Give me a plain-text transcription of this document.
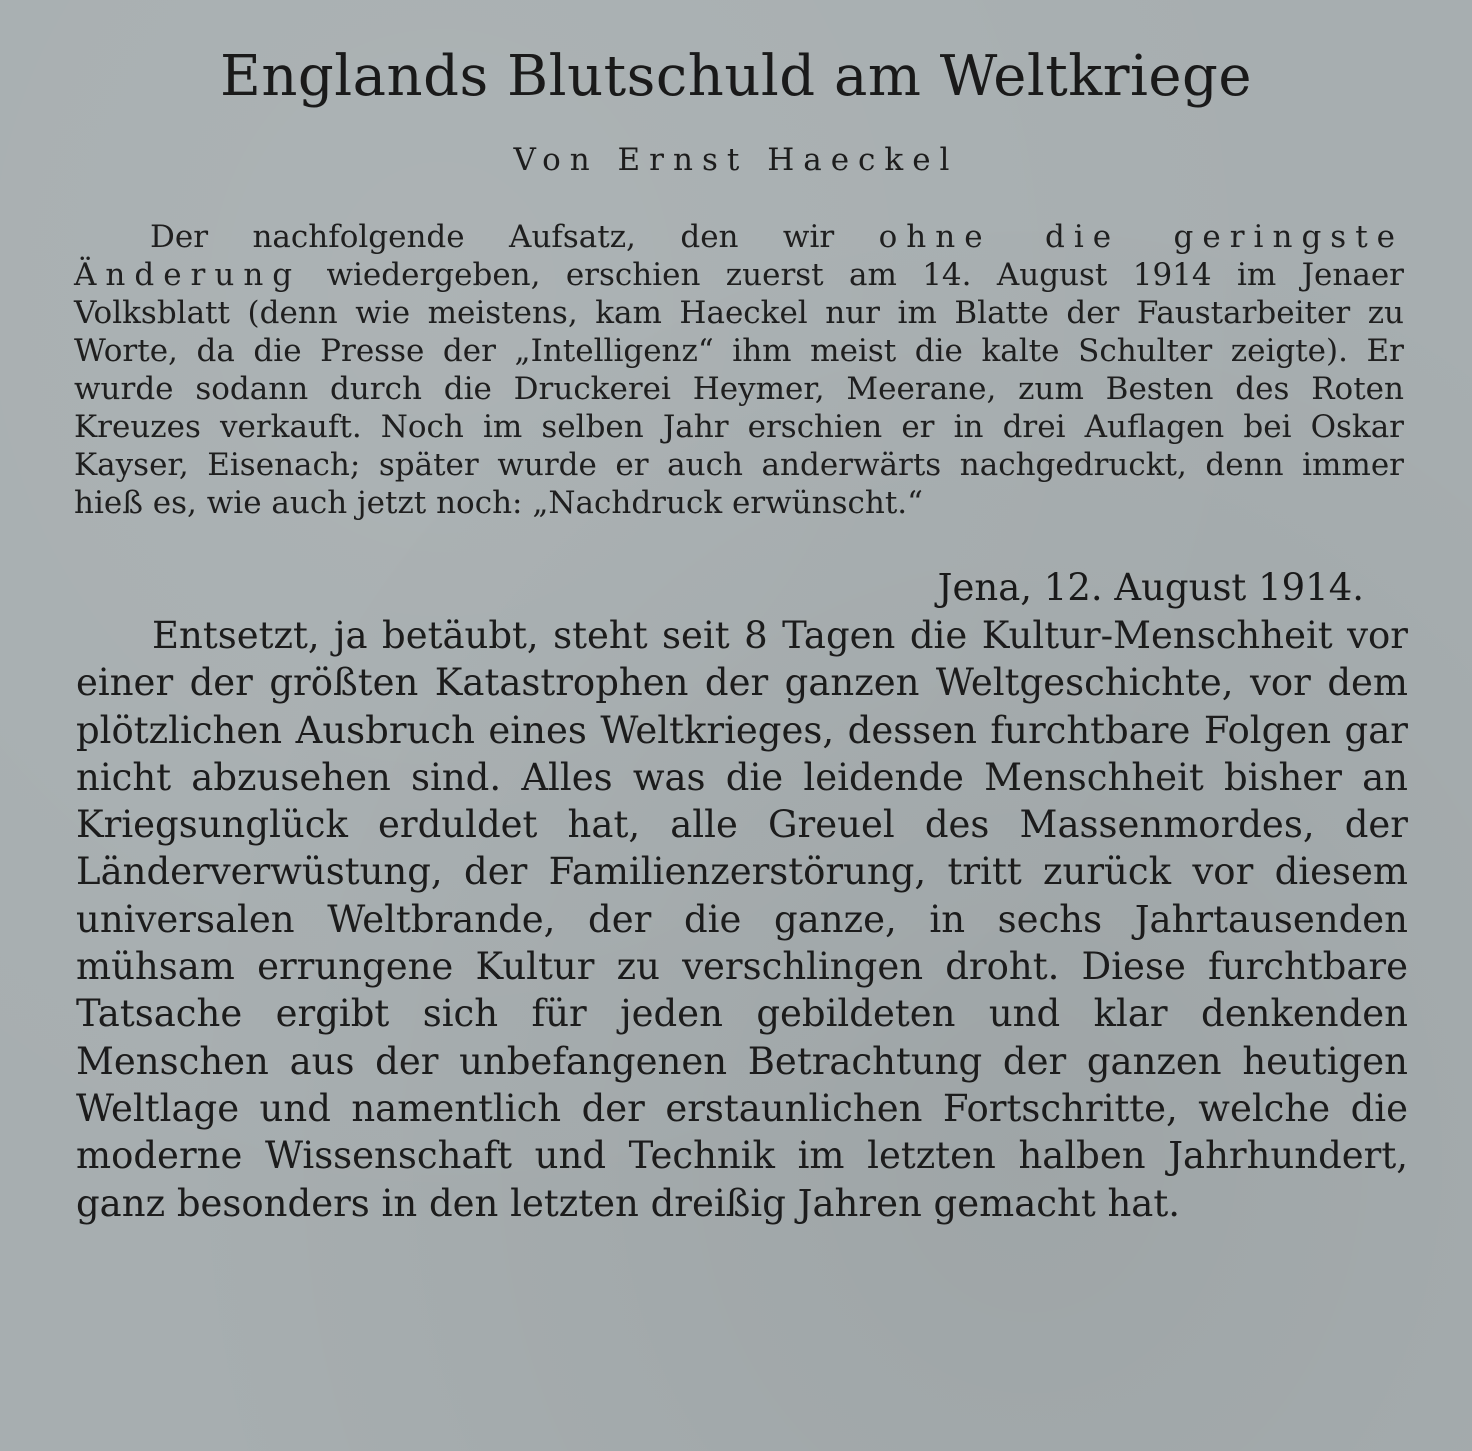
Englands Blutschuld am Weltkriege

Von Ernst Haeckel

Der nachfolgende Aufsatz, den wir ohne die geringste Änderung wiedergeben, erschien zuerst am 14. August 1914 im Jenaer Volksblatt (denn wie meistens, kam Haeckel nur im Blatte der Faustarbeiter zu Worte, da die Presse der „Intelligenz“ ihm meist die kalte Schulter zeigte). Er wurde sodann durch die Druckerei Heymer, Meerane, zum Besten des Roten Kreuzes verkauft. Noch im selben Jahr erschien er in drei Auflagen bei Oskar Kayser, Eisenach; später wurde er auch anderwärts nachgedruckt, denn immer hieß es, wie auch jetzt noch: „Nachdruck erwünscht.“

Jena, 12. August 1914.

Entsetzt, ja betäubt, steht seit 8 Tagen die Kultur-Menschheit vor einer der größten Katastrophen der ganzen Weltgeschichte, vor dem plötzlichen Ausbruch eines Weltkrieges, dessen furchtbare Folgen gar nicht abzusehen sind. Alles was die leidende Menschheit bisher an Kriegsunglück erduldet hat, alle Greuel des Massenmordes, der Länderverwüstung, der Familienzerstörung, tritt zurück vor diesem universalen Weltbrande, der die ganze, in sechs Jahrtausenden mühsam errungene Kultur zu verschlingen droht. Diese furchtbare Tatsache ergibt sich für jeden gebildeten und klar denkenden Menschen aus der unbefangenen Betrachtung der ganzen heutigen Weltlage und namentlich der erstaunlichen Fortschritte, welche die moderne Wissenschaft und Technik im letzten halben Jahrhundert, ganz besonders in den letzten dreißig Jahren gemacht hat.
